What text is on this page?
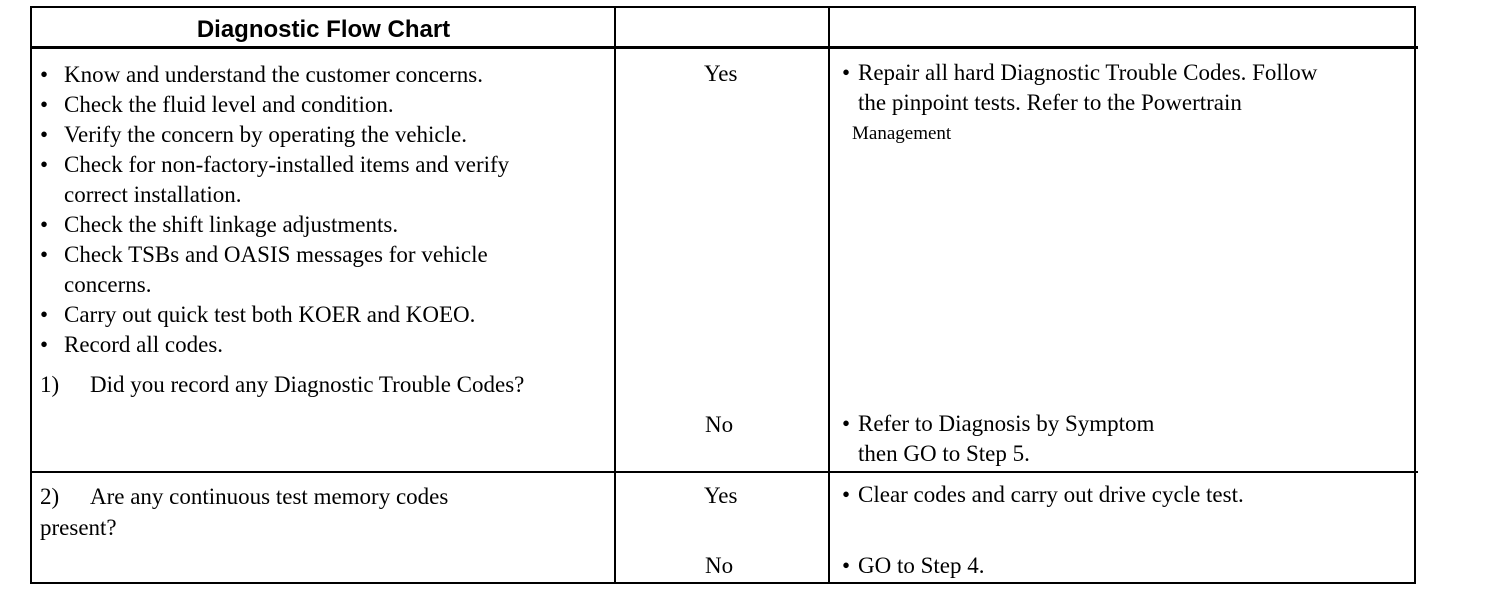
Diagnostic Flow Chart
• Know and understand the customer concerns.
• Check the fluid level and condition.
• Verify the concern by operating the vehicle.
• Check for non-factory-installed items and verify
correct installation.
• Check the shift linkage adjustments.
• Check TSBs and OASIS messages for vehicle
concerns.
• Carry out quick test both KOER and KOEO.
• Record all codes.
1) Did you record any Diagnostic Trouble Codes?
Yes
No
• Repair all hard Diagnostic Trouble Codes. Follow
the pinpoint tests. Refer to the Powertrain
Management
• Refer to Diagnosis by Symptom
then GO to Step 5.
2) Are any continuous test memory codes
present?
Yes
No
• Clear codes and carry out drive cycle test.
• GO to Step 4.
